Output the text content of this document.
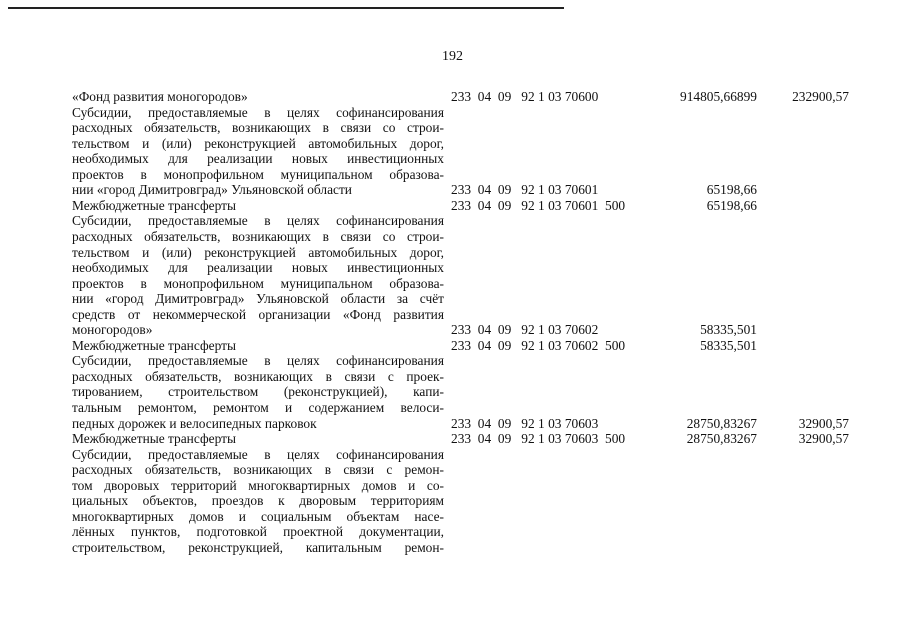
192
«Фонд развития моногородов»	233  04  09   92 1 03 70600	914805,66899	232900,57
Субсидии, предоставляемые в целях софинансирования
расходных обязательств, возникающих в связи со строи-
тельством и (или) реконструкцией автомобильных дорог,
необходимых для реализации новых инвестиционных
проектов в монопрофильном муниципальном образова-
нии «город Димитровград» Ульяновской области	233  04  09   92 1 03 70601	65198,66
Межбюджетные трансферты	233  04  09   92 1 03 70601  500	65198,66
Субсидии, предоставляемые в целях софинансирования
расходных обязательств, возникающих в связи со строи-
тельством и (или) реконструкцией автомобильных дорог,
необходимых для реализации новых инвестиционных
проектов в монопрофильном муниципальном образова-
нии «город Димитровград» Ульяновской области за счёт
средств от некоммерческой организации «Фонд развития
моногородов»	233  04  09   92 1 03 70602	58335,501
Межбюджетные трансферты	233  04  09   92 1 03 70602  500	58335,501
Субсидии, предоставляемые в целях софинансирования
расходных обязательств, возникающих в связи с проек-
тированием, строительством (реконструкцией), капи-
тальным ремонтом, ремонтом и содержанием велоси-
педных дорожек и велосипедных парковок	233  04  09   92 1 03 70603	28750,83267	32900,57
Межбюджетные трансферты	233  04  09   92 1 03 70603  500	28750,83267	32900,57
Субсидии, предоставляемые в целях софинансирования
расходных обязательств, возникающих в связи с ремон-
том дворовых территорий многоквартирных домов и со-
циальных объектов, проездов к дворовым территориям
многоквартирных домов и социальным объектам насе-
лённых пунктов, подготовкой проектной документации,
строительством, реконструкцией, капитальным ремон-
